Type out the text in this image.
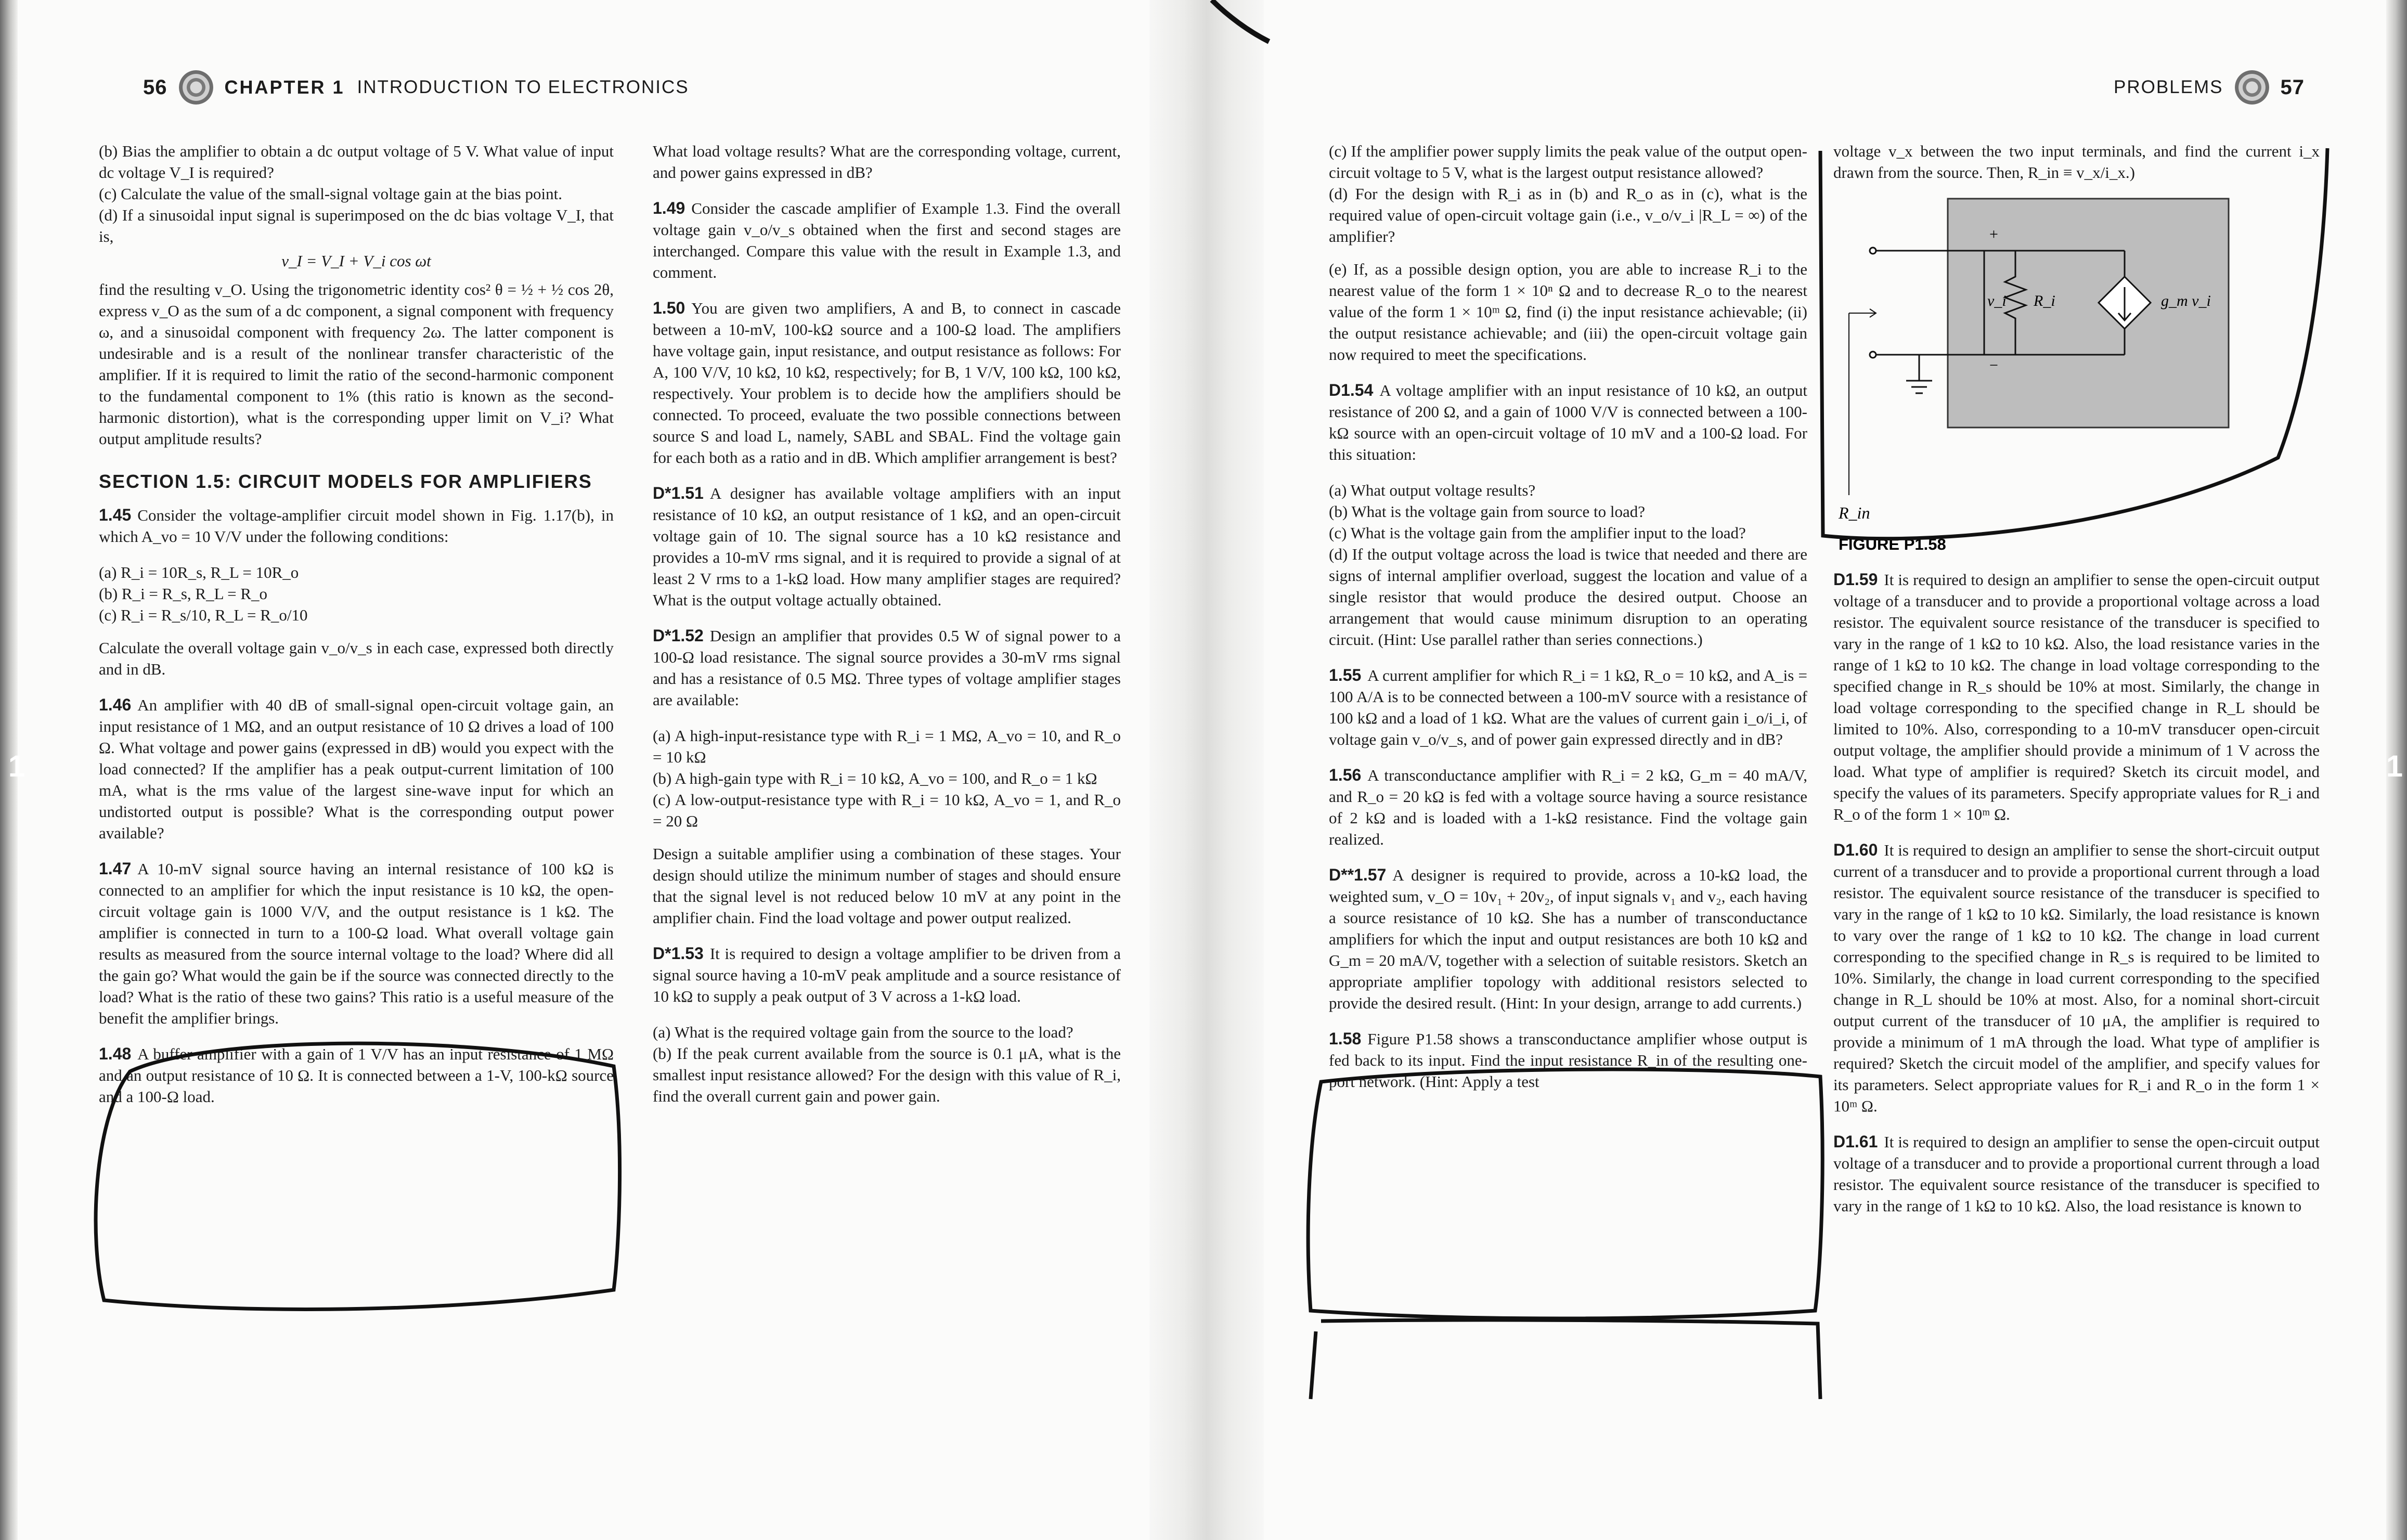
1	1
56	CHAPTER 1 INTRODUCTION TO ELECTRONICS

(b) Bias the amplifier to obtain a dc output voltage of 5 V. What value of input dc voltage V_I is required?

(c) Calculate the value of the small-signal voltage gain at the bias point.

(d) If a sinusoidal input signal is superimposed on the dc bias voltage V_I, that is,

v_I = V_I + V_i cos ωt

find the resulting v_O. Using the trigonometric identity cos² θ = ½ + ½ cos 2θ, express v_O as the sum of a dc component, a signal component with frequency ω, and a sinusoidal component with frequency 2ω. The latter component is undesirable and is a result of the nonlinear transfer characteristic of the amplifier. If it is required to limit the ratio of the second-harmonic component to the fundamental component to 1% (this ratio is known as the second-harmonic distortion), what is the corresponding upper limit on V_i? What output amplitude results?

SECTION 1.5: CIRCUIT MODELS FOR AMPLIFIERS

1.45 Consider the voltage-amplifier circuit model shown in Fig. 1.17(b), in which A_vo = 10 V/V under the following conditions:

(a) R_i = 10R_s, R_L = 10R_o

(b) R_i = R_s, R_L = R_o

(c) R_i = R_s/10, R_L = R_o/10

Calculate the overall voltage gain v_o/v_s in each case, expressed both directly and in dB.

1.46 An amplifier with 40 dB of small-signal open-circuit voltage gain, an input resistance of 1 MΩ, and an output resistance of 10 Ω drives a load of 100 Ω. What voltage and power gains (expressed in dB) would you expect with the load connected? If the amplifier has a peak output-current limitation of 100 mA, what is the rms value of the largest sine-wave input for which an undistorted output is possible? What is the corresponding output power available?

1.47 A 10-mV signal source having an internal resistance of 100 kΩ is connected to an amplifier for which the input resistance is 10 kΩ, the open-circuit voltage gain is 1000 V/V, and the output resistance is 1 kΩ. The amplifier is connected in turn to a 100-Ω load. What overall voltage gain results as measured from the source internal voltage to the load? Where did all the gain go? What would the gain be if the source was connected directly to the load? What is the ratio of these two gains? This ratio is a useful measure of the benefit the amplifier brings.

1.48 A buffer amplifier with a gain of 1 V/V has an input resistance of 1 MΩ and an output resistance of 10 Ω. It is connected between a 1-V, 100-kΩ source and a 100-Ω load.

What load voltage results? What are the corresponding voltage, current, and power gains expressed in dB?

1.49 Consider the cascade amplifier of Example 1.3. Find the overall voltage gain v_o/v_s obtained when the first and second stages are interchanged. Compare this value with the result in Example 1.3, and comment.

1.50 You are given two amplifiers, A and B, to connect in cascade between a 10-mV, 100-kΩ source and a 100-Ω load. The amplifiers have voltage gain, input resistance, and output resistance as follows: For A, 100 V/V, 10 kΩ, 10 kΩ, respectively; for B, 1 V/V, 100 kΩ, 100 kΩ, respectively. Your problem is to decide how the amplifiers should be connected. To proceed, evaluate the two possible connections between source S and load L, namely, SABL and SBAL. Find the voltage gain for each both as a ratio and in dB. Which amplifier arrangement is best?

D*1.51 A designer has available voltage amplifiers with an input resistance of 10 kΩ, an output resistance of 1 kΩ, and an open-circuit voltage gain of 10. The signal source has a 10 kΩ resistance and provides a 10-mV rms signal, and it is required to provide a signal of at least 2 V rms to a 1-kΩ load. How many amplifier stages are required? What is the output voltage actually obtained.

D*1.52 Design an amplifier that provides 0.5 W of signal power to a 100-Ω load resistance. The signal source provides a 30-mV rms signal and has a resistance of 0.5 MΩ. Three types of voltage amplifier stages are available:

(a) A high-input-resistance type with R_i = 1 MΩ, A_vo = 10, and R_o = 10 kΩ

(b) A high-gain type with R_i = 10 kΩ, A_vo = 100, and R_o = 1 kΩ

(c) A low-output-resistance type with R_i = 10 kΩ, A_vo = 1, and R_o = 20 Ω

Design a suitable amplifier using a combination of these stages. Your design should utilize the minimum number of stages and should ensure that the signal level is not reduced below 10 mV at any point in the amplifier chain. Find the load voltage and power output realized.

D*1.53 It is required to design a voltage amplifier to be driven from a signal source having a 10-mV peak amplitude and a source resistance of 10 kΩ to supply a peak output of 3 V across a 1-kΩ load.

(a) What is the required voltage gain from the source to the load?

(b) If the peak current available from the source is 0.1 μA, what is the smallest input resistance allowed? For the design with this value of R_i, find the overall current gain and power gain.

PROBLEMS	57

(c) If the amplifier power supply limits the peak value of the output open-circuit voltage to 5 V, what is the largest output resistance allowed?

(d) For the design with R_i as in (b) and R_o as in (c), what is the required value of open-circuit voltage gain (i.e., v_o/v_i |R_L = ∞) of the amplifier?

(e) If, as a possible design option, you are able to increase R_i to the nearest value of the form 1 × 10ⁿ Ω and to decrease R_o to the nearest value of the form 1 × 10ᵐ Ω, find (i) the input resistance achievable; (ii) the output resistance achievable; and (iii) the open-circuit voltage gain now required to meet the specifications.

D1.54 A voltage amplifier with an input resistance of 10 kΩ, an output resistance of 200 Ω, and a gain of 1000 V/V is connected between a 100-kΩ source with an open-circuit voltage of 10 mV and a 100-Ω load. For this situation:

(a) What output voltage results?

(b) What is the voltage gain from source to load?

(c) What is the voltage gain from the amplifier input to the load?

(d) If the output voltage across the load is twice that needed and there are signs of internal amplifier overload, suggest the location and value of a single resistor that would produce the desired output. Choose an arrangement that would cause minimum disruption to an operating circuit. (Hint: Use parallel rather than series connections.)

1.55 A current amplifier for which R_i = 1 kΩ, R_o = 10 kΩ, and A_is = 100 A/A is to be connected between a 100-mV source with a resistance of 100 kΩ and a load of 1 kΩ. What are the values of current gain i_o/i_i, of voltage gain v_o/v_s, and of power gain expressed directly and in dB?

1.56 A transconductance amplifier with R_i = 2 kΩ, G_m = 40 mA/V, and R_o = 20 kΩ is fed with a voltage source having a source resistance of 2 kΩ and is loaded with a 1-kΩ resistance. Find the voltage gain realized.

D**1.57 A designer is required to provide, across a 10-kΩ load, the weighted sum, v_O = 10v₁ + 20v₂, of input signals v₁ and v₂, each having a source resistance of 10 kΩ. She has a number of transconductance amplifiers for which the input and output resistances are both 10 kΩ and G_m = 20 mA/V, together with a selection of suitable resistors. Sketch an appropriate amplifier topology with additional resistors selected to provide the desired result. (Hint: In your design, arrange to add currents.)

1.58 Figure P1.58 shows a transconductance amplifier whose output is fed back to its input. Find the input resistance R_in of the resulting one-port network. (Hint: Apply a test

voltage v_x between the two input terminals, and find the current i_x drawn from the source. Then, R_in ≡ v_x/i_x.)

+
−
v_i R_i	g_m v_i
R_in
FIGURE P1.58

D1.59 It is required to design an amplifier to sense the open-circuit output voltage of a transducer and to provide a proportional voltage across a load resistor. The equivalent source resistance of the transducer is specified to vary in the range of 1 kΩ to 10 kΩ. Also, the load resistance varies in the range of 1 kΩ to 10 kΩ. The change in load voltage corresponding to the specified change in R_s should be 10% at most. Similarly, the change in load voltage corresponding to the specified change in R_L should be limited to 10%. Also, corresponding to a 10-mV transducer open-circuit output voltage, the amplifier should provide a minimum of 1 V across the load. What type of amplifier is required? Sketch its circuit model, and specify the values of its parameters. Specify appropriate values for R_i and R_o of the form 1 × 10ᵐ Ω.

D1.60 It is required to design an amplifier to sense the short-circuit output current of a transducer and to provide a proportional current through a load resistor. The equivalent source resistance of the transducer is specified to vary in the range of 1 kΩ to 10 kΩ. Similarly, the load resistance is known to vary over the range of 1 kΩ to 10 kΩ. The change in load current corresponding to the specified change in R_s is required to be limited to 10%. Similarly, the change in load current corresponding to the specified change in R_L should be 10% at most. Also, for a nominal short-circuit output current of the transducer of 10 μA, the amplifier is required to provide a minimum of 1 mA through the load. What type of amplifier is required? Sketch the circuit model of the amplifier, and specify values for its parameters. Select appropriate values for R_i and R_o in the form 1 × 10ᵐ Ω.

D1.61 It is required to design an amplifier to sense the open-circuit output voltage of a transducer and to provide a proportional current through a load resistor. The equivalent source resistance of the transducer is specified to vary in the range of 1 kΩ to 10 kΩ. Also, the load resistance is known to
